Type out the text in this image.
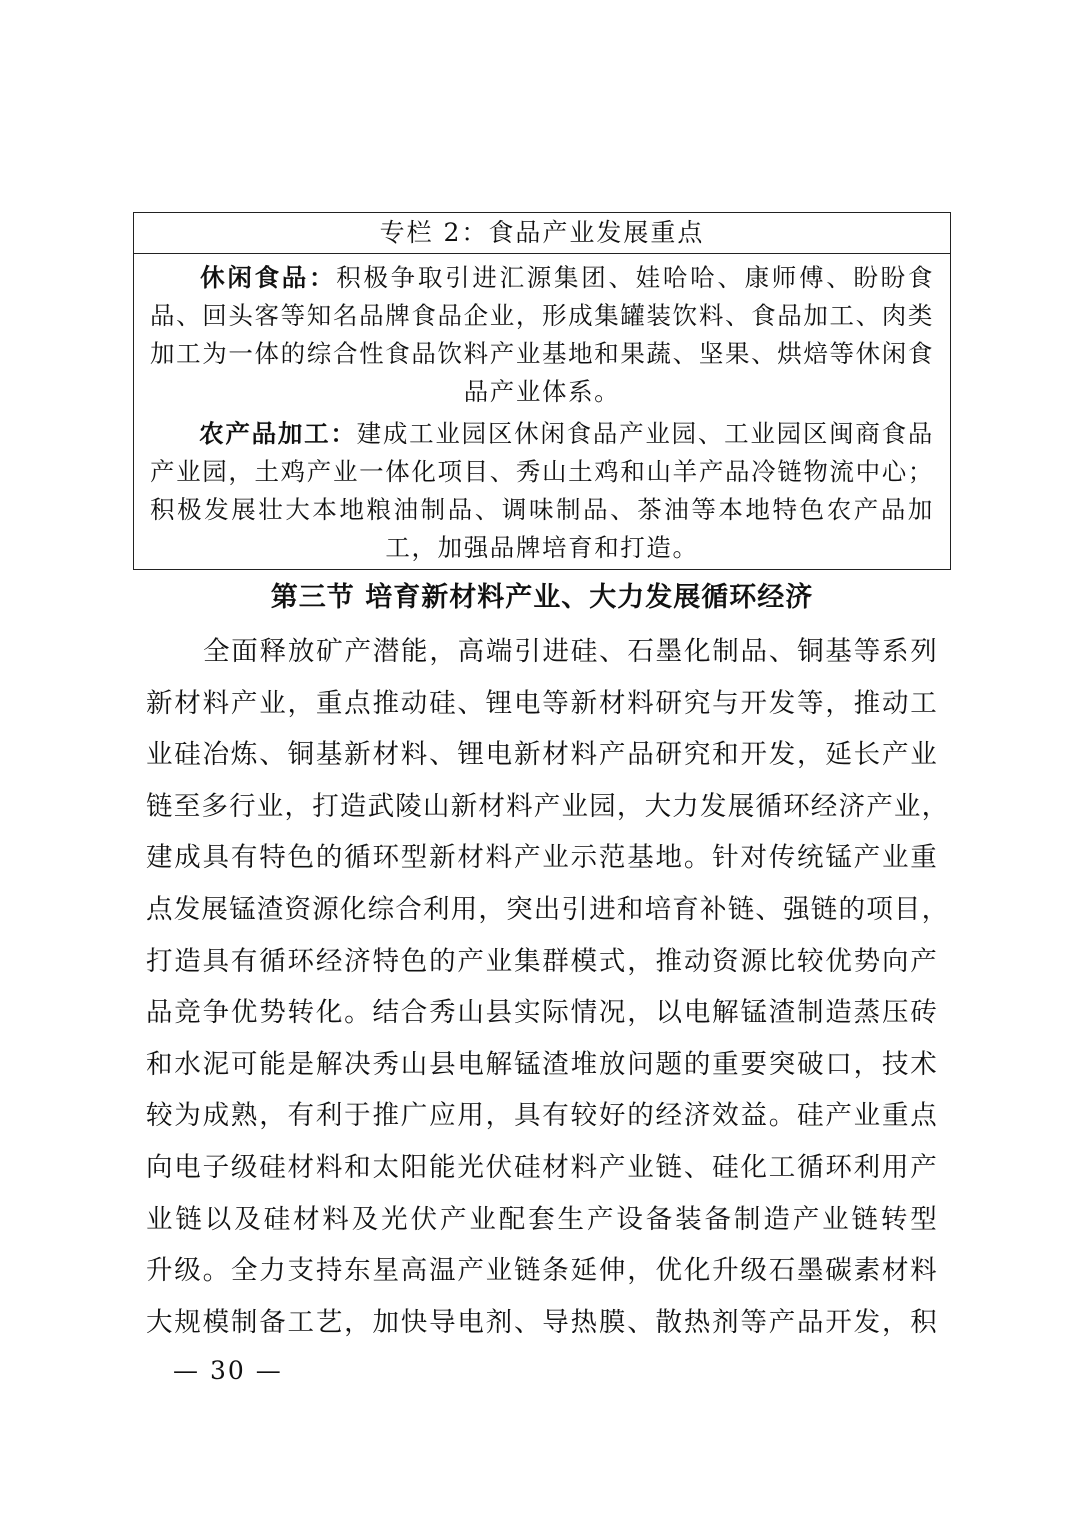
专栏 2：食品产业发展重点
休闲食品：积极争取引进汇源集团、娃哈哈、康师傅、盼盼食品、回头客等知名品牌食品企业，形成集罐装饮料、食品加工、肉类加工为一体的综合性食品饮料产业基地和果蔬、坚果、烘焙等休闲食品产业体系。
农产品加工：建成工业园区休闲食品产业园、工业园区闽商食品产业园，土鸡产业一体化项目、秀山土鸡和山羊产品冷链物流中心；积极发展壮大本地粮油制品、调味制品、茶油等本地特色农产品加工，加强品牌培育和打造。
第三节 培育新材料产业、大力发展循环经济
全面释放矿产潜能，高端引进硅、石墨化制品、铜基等系列
新材料产业，重点推动硅、锂电等新材料研究与开发等，推动工
业硅冶炼、铜基新材料、锂电新材料产品研究和开发，延长产业
链至多行业，打造武陵山新材料产业园，大力发展循环经济产业，
建成具有特色的循环型新材料产业示范基地。针对传统锰产业重
点发展锰渣资源化综合利用，突出引进和培育补链、强链的项目，
打造具有循环经济特色的产业集群模式，推动资源比较优势向产
品竞争优势转化。结合秀山县实际情况，以电解锰渣制造蒸压砖
和水泥可能是解决秀山县电解锰渣堆放问题的重要突破口，技术
较为成熟，有利于推广应用，具有较好的经济效益。硅产业重点
向电子级硅材料和太阳能光伏硅材料产业链、硅化工循环利用产
业链以及硅材料及光伏产业配套生产设备装备制造产业链转型
升级。全力支持东星高温产业链条延伸，优化升级石墨碳素材料
大规模制备工艺，加快导电剂、导热膜、散热剂等产品开发，积
— 30 —
